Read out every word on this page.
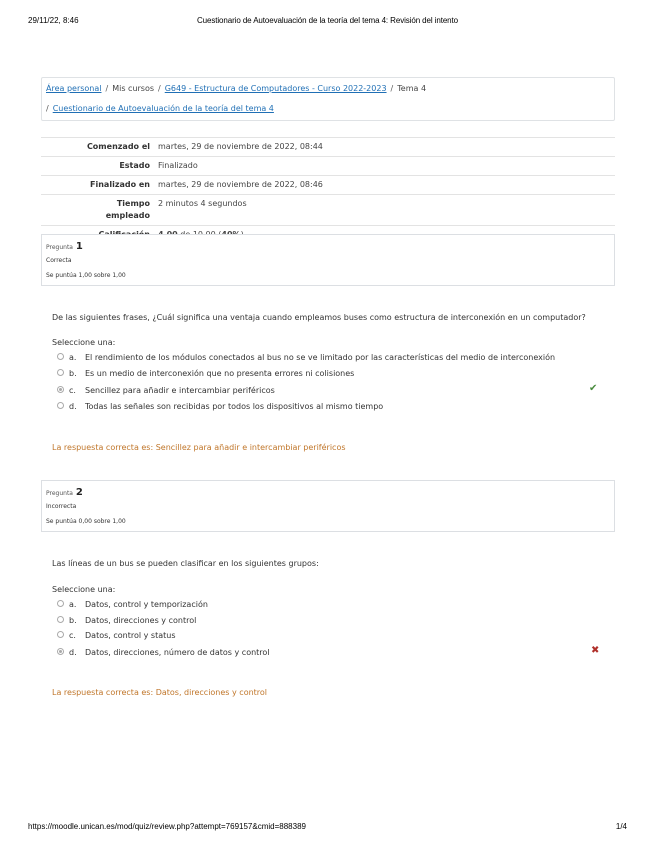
29/11/22, 8:46	Cuestionario de Autoevaluación de la teoría del tema 4: Revisión del intento
Área personal / Mis cursos / G649 - Estructura de Computadores - Curso 2022-2023 / Tema 4
/ Cuestionario de Autoevaluación de la teoría del tema 4
Comenzado el	martes, 29 de noviembre de 2022, 08:44
Estado	Finalizado
Finalizado en	martes, 29 de noviembre de 2022, 08:46
Tiempo empleado	2 minutos 4 segundos

Pregunta 1
Correcta
Se puntúa 1,00 sobre 1,00
De las siguientes frases, ¿Cuál significa una ventaja cuando empleamos buses como estructura de interconexión en un computador?
Seleccione una:
a. El rendimiento de los módulos conectados al bus no se ve limitado por las características del medio de interconexión
b. Es un medio de interconexión que no presenta errores ni colisiones
c. Sencillez para añadir e intercambiar periféricos
d. Todas las señales son recibidas por todos los dispositivos al mismo tiempo
✔
La respuesta correcta es: Sencillez para añadir e intercambiar periféricos
Pregunta 2
Incorrecta
Se puntúa 0,00 sobre 1,00
Las líneas de un bus se pueden clasificar en los siguientes grupos:
Seleccione una:
a. Datos, control y temporización
b. Datos, direcciones y control
c. Datos, control y status
d. Datos, direcciones, número de datos y control	✖
La respuesta correcta es: Datos, direcciones y control
https://moodle.unican.es/mod/quiz/review.php?attempt=769157&cmid=888389	1/4
